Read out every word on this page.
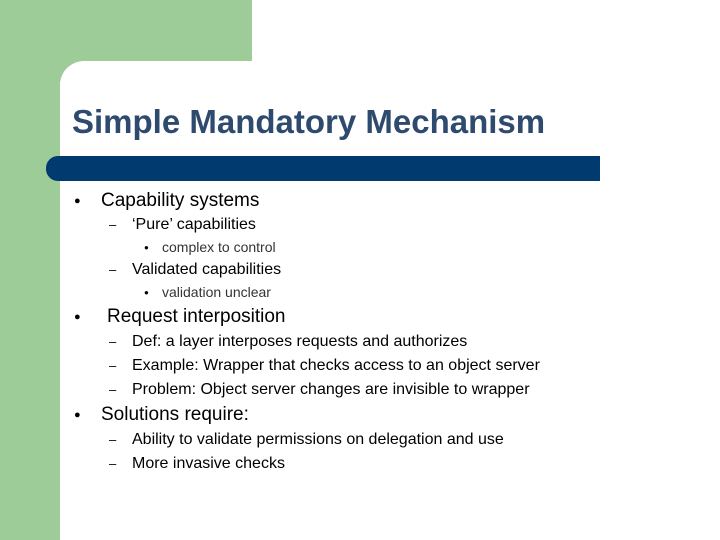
Simple Mandatory Mechanism
● Capability systems
– ‘Pure’ capabilities
● complex to control
– Validated capabilities
● validation unclear
● Request interposition
– Def: a layer interposes requests and authorizes
– Example: Wrapper that checks access to an object server
– Problem: Object server changes are invisible to wrapper
● Solutions require:
– Ability to validate permissions on delegation and use
– More invasive checks
